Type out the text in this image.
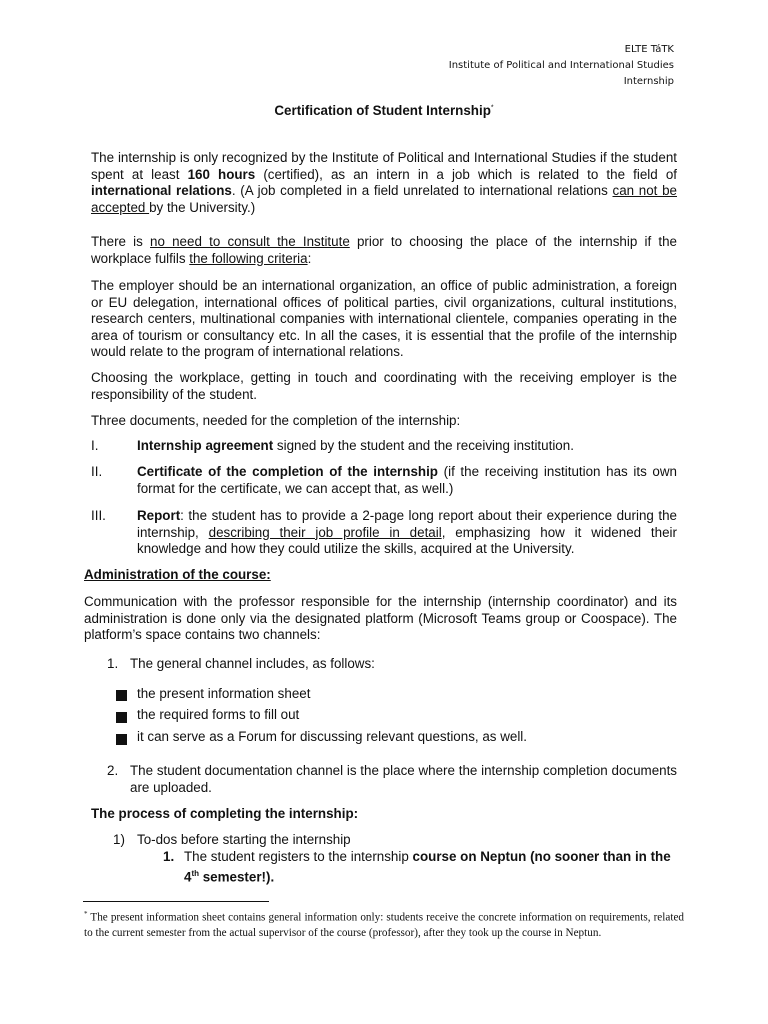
ELTE TáTK
Institute of Political and International Studies
Internship
Certification of Student Internship*
The internship is only recognized by the Institute of Political and International Studies if the student spent at least 160 hours (certified), as an intern in a job which is related to the field of international relations. (A job completed in a field unrelated to international relations can not be accepted by the University.)
There is no need to consult the Institute prior to choosing the place of the internship if the workplace fulfils the following criteria:
The employer should be an international organization, an office of public administration, a foreign or EU delegation, international offices of political parties, civil organizations, cultural institutions, research centers, multinational companies with international clientele, companies operating in the area of tourism or consultancy etc. In all the cases, it is essential that the profile of the internship would relate to the program of international relations.
Choosing the workplace, getting in touch and coordinating with the receiving employer is the responsibility of the student.
Three documents, needed for the completion of the internship:
I.	Internship agreement signed by the student and the receiving institution.
II.	Certificate of the completion of the internship (if the receiving institution has its own format for the certificate, we can accept that, as well.)
III. Report: the student has to provide a 2-page long report about their experience during the internship, describing their job profile in detail, emphasizing how it widened their knowledge and how they could utilize the skills, acquired at the University.
Administration of the course:
Communication with the professor responsible for the internship (internship coordinator) and its administration is done only via the designated platform (Microsoft Teams group or Coospace). The platform’s space contains two channels:
1. The general channel includes, as follows:
the present information sheet
the required forms to fill out
it can serve as a Forum for discussing relevant questions, as well.
2. The student documentation channel is the place where the internship completion documents are uploaded.
The process of completing the internship:
1) To-dos before starting the internship
1. The student registers to the internship course on Neptun (no sooner than in the 4th semester!).
* The present information sheet contains general information only: students receive the concrete information on requirements, related to the current semester from the actual supervisor of the course (professor), after they took up the course in Neptun.
